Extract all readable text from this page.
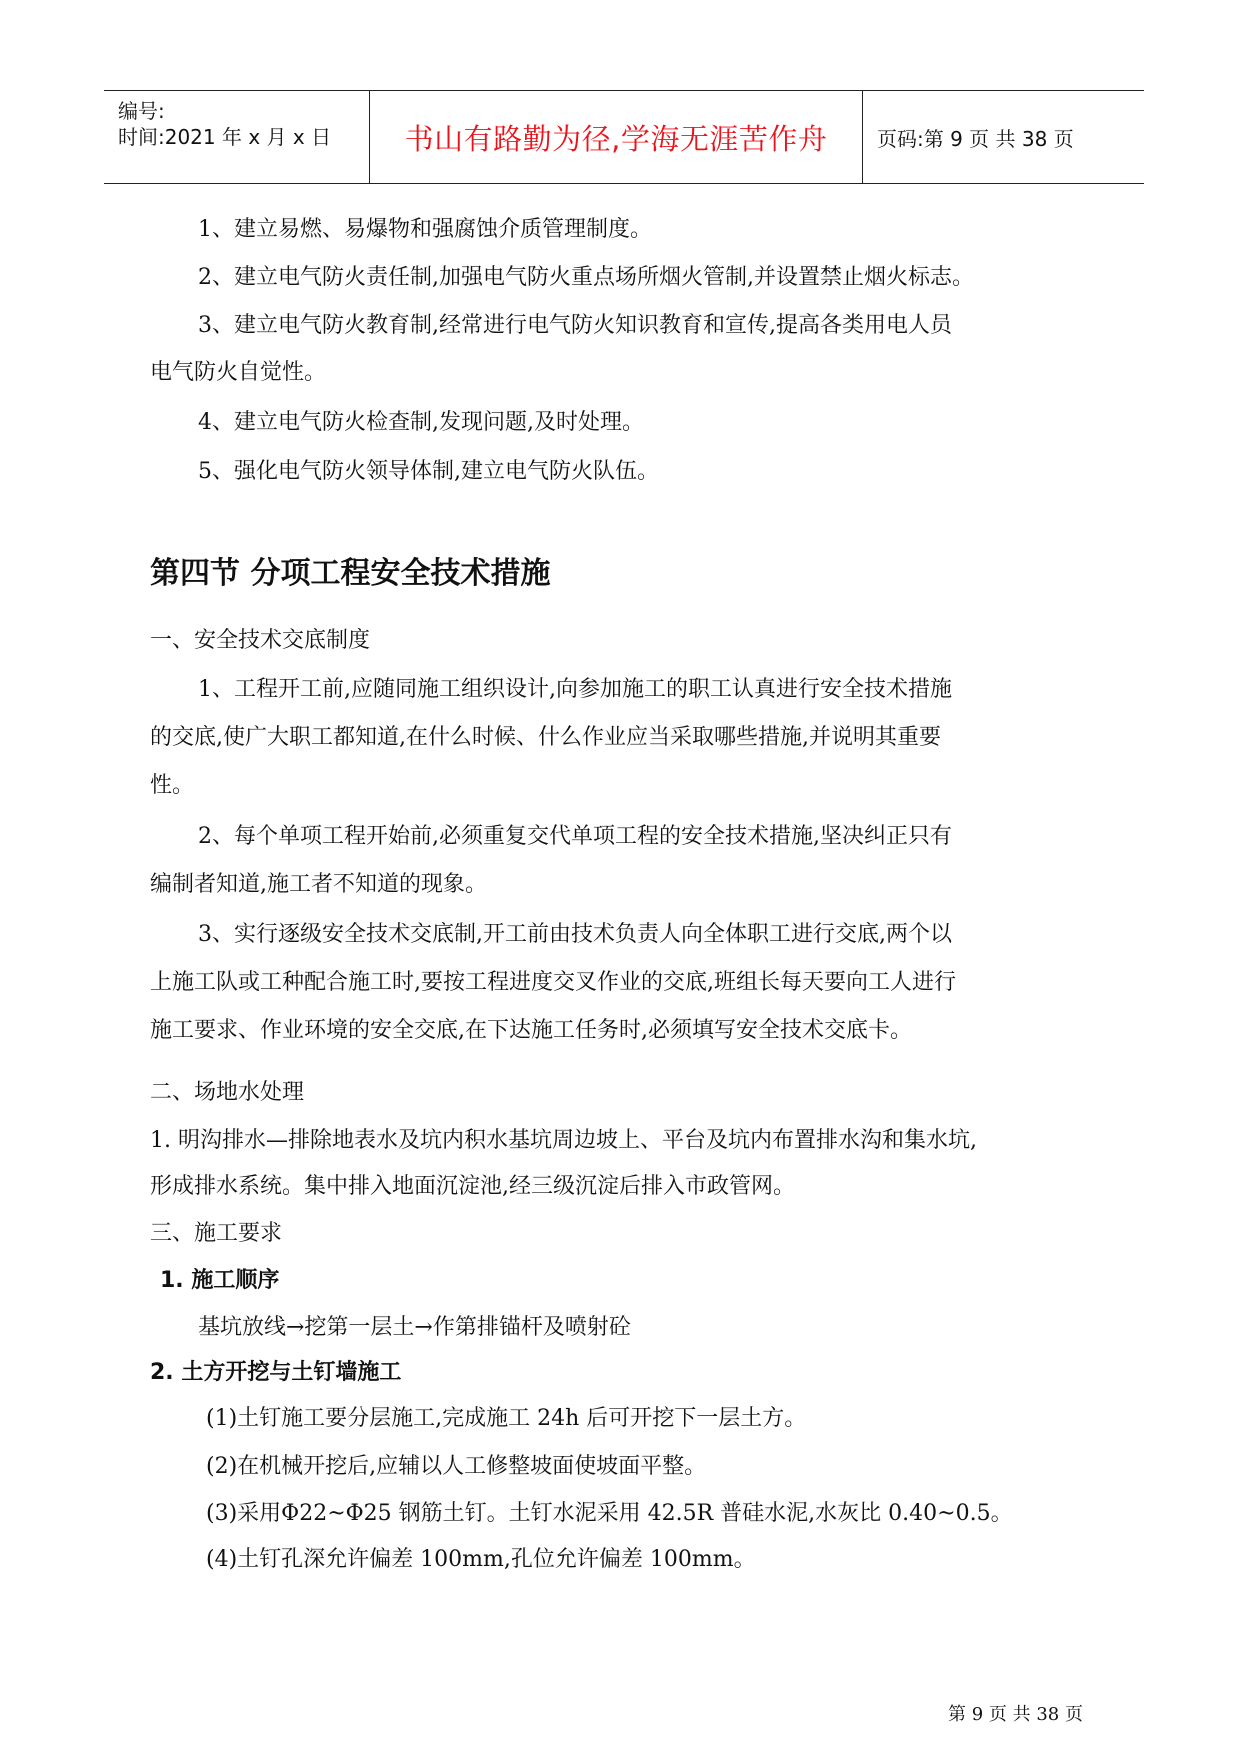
编号:
时间:2021 年 x 月 x 日	书山有路勤为径,学海无涯苦作舟 页码:第 9 页 共 38 页
1、建立易燃、易爆物和强腐蚀介质管理制度。
2、建立电气防火责任制,加强电气防火重点场所烟火管制,并设置禁止烟火标志。
3、建立电气防火教育制,经常进行电气防火知识教育和宣传,提高各类用电人员
电气防火自觉性。
4、建立电气防火检查制,发现问题,及时处理。
5、强化电气防火领导体制,建立电气防火队伍。
第四节 分项工程安全技术措施
一、安全技术交底制度
1、工程开工前,应随同施工组织设计,向参加施工的职工认真进行安全技术措施
的交底,使广大职工都知道,在什么时候、什么作业应当采取哪些措施,并说明其重要
性。
2、每个单项工程开始前,必须重复交代单项工程的安全技术措施,坚决纠正只有
编制者知道,施工者不知道的现象。
3、实行逐级安全技术交底制,开工前由技术负责人向全体职工进行交底,两个以
上施工队或工种配合施工时,要按工程进度交叉作业的交底,班组长每天要向工人进行
施工要求、作业环境的安全交底,在下达施工任务时,必须填写安全技术交底卡。
二、场地水处理
1. 明沟排水—排除地表水及坑内积水基坑周边坡上、平台及坑内布置排水沟和集水坑,
形成排水系统。集中排入地面沉淀池,经三级沉淀后排入市政管网。
三、施工要求
1. 施工顺序
基坑放线→挖第一层土→作第排锚杆及喷射砼
2. 土方开挖与土钉墙施工
(1)土钉施工要分层施工,完成施工 24h 后可开挖下一层土方。
(2)在机械开挖后,应辅以人工修整坡面使坡面平整。
(3)采用Φ22~Φ25 钢筋土钉。土钉水泥采用 42.5R 普硅水泥,水灰比 0.40~0.5。
(4)土钉孔深允许偏差 100mm,孔位允许偏差 100mm。
第 9 页 共 38 页
